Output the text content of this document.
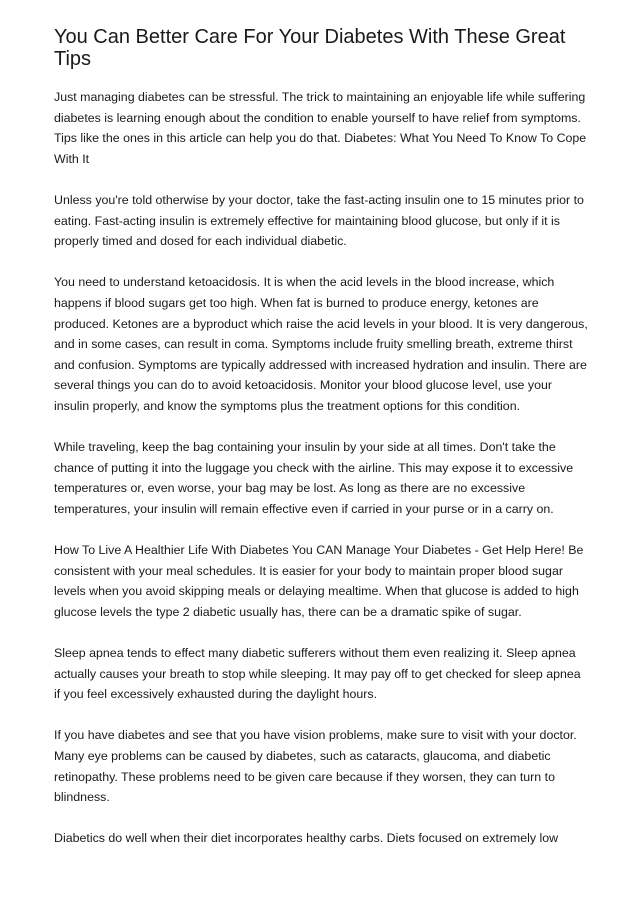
You Can Better Care For Your Diabetes With These Great Tips

Just managing diabetes can be stressful. The trick to maintaining an enjoyable life while suffering diabetes is learning enough about the condition to enable yourself to have relief from symptoms. Tips like the ones in this article can help you do that. Diabetes: What You Need To Know To Cope With It

Unless you're told otherwise by your doctor, take the fast-acting insulin one to 15 minutes prior to eating. Fast-acting insulin is extremely effective for maintaining blood glucose, but only if it is properly timed and dosed for each individual diabetic.

You need to understand ketoacidosis. It is when the acid levels in the blood increase, which happens if blood sugars get too high. When fat is burned to produce energy, ketones are produced. Ketones are a byproduct which raise the acid levels in your blood. It is very dangerous, and in some cases, can result in coma. Symptoms include fruity smelling breath, extreme thirst and confusion. Symptoms are typically addressed with increased hydration and insulin. There are several things you can do to avoid ketoacidosis. Monitor your blood glucose level, use your insulin properly, and know the symptoms plus the treatment options for this condition.

While traveling, keep the bag containing your insulin by your side at all times. Don't take the chance of putting it into the luggage you check with the airline. This may expose it to excessive temperatures or, even worse, your bag may be lost. As long as there are no excessive temperatures, your insulin will remain effective even if carried in your purse or in a carry on.

How To Live A Healthier Life With Diabetes You CAN Manage Your Diabetes - Get Help Here! Be consistent with your meal schedules. It is easier for your body to maintain proper blood sugar levels when you avoid skipping meals or delaying mealtime. When that glucose is added to high glucose levels the type 2 diabetic usually has, there can be a dramatic spike of sugar.

Sleep apnea tends to effect many diabetic sufferers without them even realizing it. Sleep apnea actually causes your breath to stop while sleeping. It may pay off to get checked for sleep apnea if you feel excessively exhausted during the daylight hours.

If you have diabetes and see that you have vision problems, make sure to visit with your doctor. Many eye problems can be caused by diabetes, such as cataracts, glaucoma, and diabetic retinopathy. These problems need to be given care because if they worsen, they can turn to blindness.

Diabetics do well when their diet incorporates healthy carbs. Diets focused on extremely low
